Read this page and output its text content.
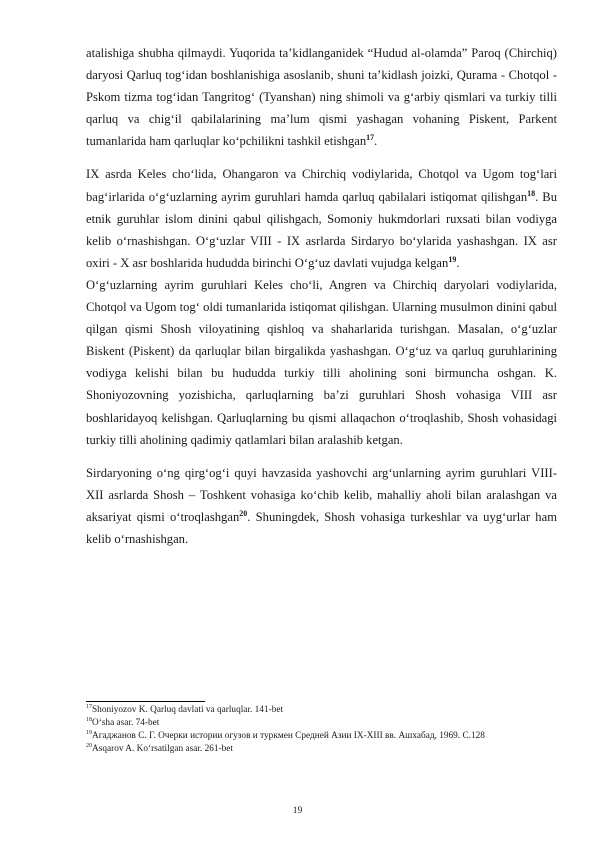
atalishiga shubha qilmaydi. Yuqorida ta’kidlanganidek “Hudud al-olamda” Paroq (Chirchiq) daryosi Qarluq tog‘idan boshlanishiga asoslanib, shuni ta’kidlash joizki, Qurama - Chotqol - Pskom tizma tog‘idan Tangritog‘ (Tyanshan) ning shimoli va g‘arbiy qismlari va turkiy tilli qarluq va chig‘il qabilalarining ma’lum qismi yashagan vohaning Piskent, Parkent tumanlarida ham qarluqlar ko‘pchilikni tashkil etishgan$^{17}$.

IX asrda Keles cho‘lida, Ohangaron va Chirchiq vodiylarida, Chotqol va Ugom tog‘lari bag‘irlarida o‘g‘uzlarning ayrim guruhlari hamda qarluq qabilalari istiqomat qilishgan$^{18}$. Bu etnik guruhlar islom dinini qabul qilishgach, Somoniy hukmdorlari ruxsati bilan vodiyga kelib o‘rnashishgan. O‘g‘uzlar VIII - IX asrlarda Sirdaryo bo‘ylarida yashashgan. IX asr oxiri - X asr boshlarida hududda birinchi O‘g‘uz davlati vujudga kelgan$^{19}$.

O‘g‘uzlarning ayrim guruhlari Keles cho‘li, Angren va Chirchiq daryolari vodiylarida, Chotqol va Ugom tog‘ oldi tumanlarida istiqomat qilishgan. Ularning musulmon dinini qabul qilgan qismi Shosh viloyatining qishloq va shaharlarida turishgan. Masalan, o‘g‘uzlar Biskent (Piskent) da qarluqlar bilan birgalikda yashashgan. O‘g‘uz va qarluq guruhlarining vodiyga kelishi bilan bu hududda turkiy tilli aholining soni birmuncha oshgan. K. Shoniyozovning yozishicha, qarluqlarning ba’zi guruhlari Shosh vohasiga VIII asr boshlaridayoq kelishgan. Qarluqlarning bu qismi allaqachon o‘troqlashib, Shosh vohasidagi turkiy tilli aholining qadimiy qatlamlari bilan aralashib ketgan.

Sirdaryoning o‘ng qirg‘og‘i quyi havzasida yashovchi arg‘unlarning ayrim guruhlari VIII-XII asrlarda Shosh – Toshkent vohasiga ko‘chib kelib, mahalliy aholi bilan aralashgan va aksariyat qismi o‘troqlashgan$^{20}$. Shuningdek, Shosh vohasiga turkeshlar va uyg‘urlar ham kelib o‘rnashishgan.

$^{17}$Shoniyozov K. Qarluq davlati va qarluqlar. 141-bet

$^{18}$O‘sha asar. 74-bet

$^{19}$Агаджанов С. Г. Очерки истории огузов и туркмен Средней Азии IX-XIII вв. Ашхабад, 1969. С.128

$^{20}$Asqarov A. Ko‘rsatilgan asar. 261-bet

19
